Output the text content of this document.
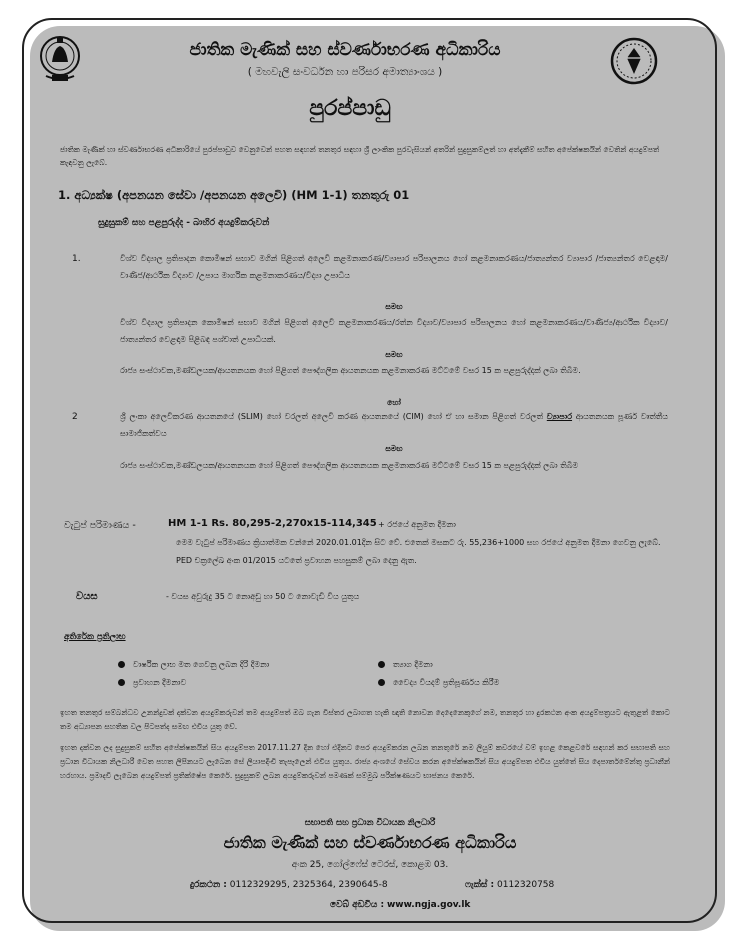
ජාතික මැණික් සහ ස්වර්ණාභරණ අධිකාරිය
( මහවැලි සංවර්ධන හා පරිසර අමාත්‍යාංශය )
පුරප්පාඩු
ජාතික මැණික් හා ස්වර්ණාභරණ අධිකාරියේ පුරප්පාඩුව වෙනුවෙන් පහත සඳහන් තනතුර සඳහා ශ්‍රී ලාංකික පුරවැසියන් අතරින් සුදුසුකම්ලත් හා අත්දැකීම් සහිත අපේක්ෂකයින් වෙතින් අයදුම්පත් කැඳවනු ලැබේ.
1. අධ්‍යක්ෂ (අපනයන සේවා /අපනයන අලෙවි) (HM 1-1) තනතුරු 01
සුදුසුකම් සහ පළපුරුද්ද - බාහිර අයදුම්කරුවන්
1.	විශ්ව විද්‍යාල ප්‍රතිපාදන කොමිෂන් සභාව මගින් පිළිගත් අලෙවි කළමනාකරණ/ව්‍යාපාර පරිපාලනය හෝ කළමනාකරණය/ජාත්‍යන්තර ව්‍යාපාර /ජාත්‍යන්තර වෙළඳාම/වාණිජ/ආර්ථික විද්‍යාව /උපාය මාර්ගික කළමනාකරණය/විද්‍යා උපාධිය
සමඟ
විශ්ව විද්‍යාල ප්‍රතිපාදන කොමිෂන් සභාව මගින් පිළිගත් අලෙවි කළමනාකරණය/රත්න විද්‍යාව/ව්‍යාපාර පරිපාලනය හෝ කළමනාකරණය/වාණිජ්‍ය/ආර්ථික විද්‍යාව/ජාත්‍යන්තර වෙළඳාම පිළිබඳ පශ්චාත් උපාධියක්.
සමඟ
රාජ්‍ය සංස්ථාවක,මණ්ඩලයක/ආයතනයක හෝ පිළිගත් පෞද්ගලික ආයතනයක කළමනාකරණ මට්ටමේ වසර 15 ක පළපුරුද්දක් ලබා තිබීම.
හෝ
2	ශ්‍රී ලංකා අලෙවිකරණ ආයතනයේ (SLIM) හෝ වරලත් අලෙවි කරණ ආයතනයේ (CIM) හෝ ඒ හා සමාන පිළිගත් වරලත් ව්‍යාපාර ආයතනයක පූර්ණ වෘත්තීය සාමාජිකත්වය
සමඟ
රාජ්‍ය සංස්ථාවක,මණ්ඩලයක/ආයතනයක හෝ පිළිගත් පෞද්ගලික ආයතනයක කළමනාකරණ මට්ටමේ වසර 15 ක පළපුරුද්දක් ලබා තිබීම
වැටුප් පරිමාණය -	HM 1-1 Rs. 80,295-2,270x15-114,345 + රජයේ අනුමත දීමනා
මෙම වැටුප් පරිමාණය ක්‍රියාත්මක වන්නේ 2020.01.01දින සිට වේ. එතෙක් මසකට රු. 55,236+1000 සහ රජයේ අනුමත දීමනා ගෙවනු ලැබේ.
PED චක්‍රලේඛ අංක 01/2015 යටතේ ප්‍රවාහන පහසුකම් ලබා දෙනු ඇත.
වයස	- වයස අවුරුදු 35 ට නොඅඩු හා 50 ට නොවැඩි විය යුතුය
අතිරේක ප්‍රතිලාභ
වාර්ෂික ලාභ මත ගෙවනු ලබන දිරි දීමනා	ත්‍යාග දීමනා
ප්‍රවාහන දීමනාව	වෛද්‍ය වියදම් ප්‍රතිපූර්ණය කිරීම
ඉහත තනතුර සම්බන්ධව උනන්දුවක් දක්වන අයදුම්කරුවන් තම අයදුම්පත් ඔබ ගැන විස්තර ලබාගත හැකි ඥාති නොවන දෙදෙනෙකුගේ නම, තනතුර හා දුරකථන අංක අයදුම්පත්‍රයට ඇතුළත් කොට තම අධ්‍යාපන සහතික වල පිටපත්ද සමඟ එවිය යුතු වේ.
ඉහත දක්වන ලද සුදුසුකම් සහිත අපේක්ෂකයින් සිය අයදුම්පත 2017.11.27 දින හෝ එදිනට පෙර අයදුම්කරන ලබන තනතුරේ නම ලියුම් කවරයේ වම් ඉහළ කෙළවරේ සඳහන් කර සභාපති සහ ප්‍රධාන විධායක නිලධාරී වෙත පහත ලිපිනයට ලැබෙන සේ ලියාපදිංචි තැපෑලෙන් එවිය යුතුය. රාජ්‍ය අංශයේ සේවය කරන අපේක්ෂකයින් සිය අයදුම්පත එවිය යුත්තේ සිය දෙපාර්තමේන්තු ප්‍රධානීන් හරහාය. ප්‍රමාදවී ලැබෙන අයදුම්පත් ප්‍රතික්ෂේප කෙරේ. සුදුසුකම් ලබන අයදුම්කරුවන් පමණක් සම්මුඛ පරීක්ෂණයට භාජනය කෙරේ.
සභාපති සහ ප්‍රධාන විධායක නිලධාරී
ජාතික මැණික් සහ ස්වර්ණාභරණ අධිකාරිය
අංක 25, ගෝල්ෆේස් ටෙරස්, කොළඹ 03.
දුරකථන : 0112329295, 2325364, 2390645-8	ෆැක්ස් : 0112320758
වෙබ් අඩවිය : www.ngja.gov.lk
